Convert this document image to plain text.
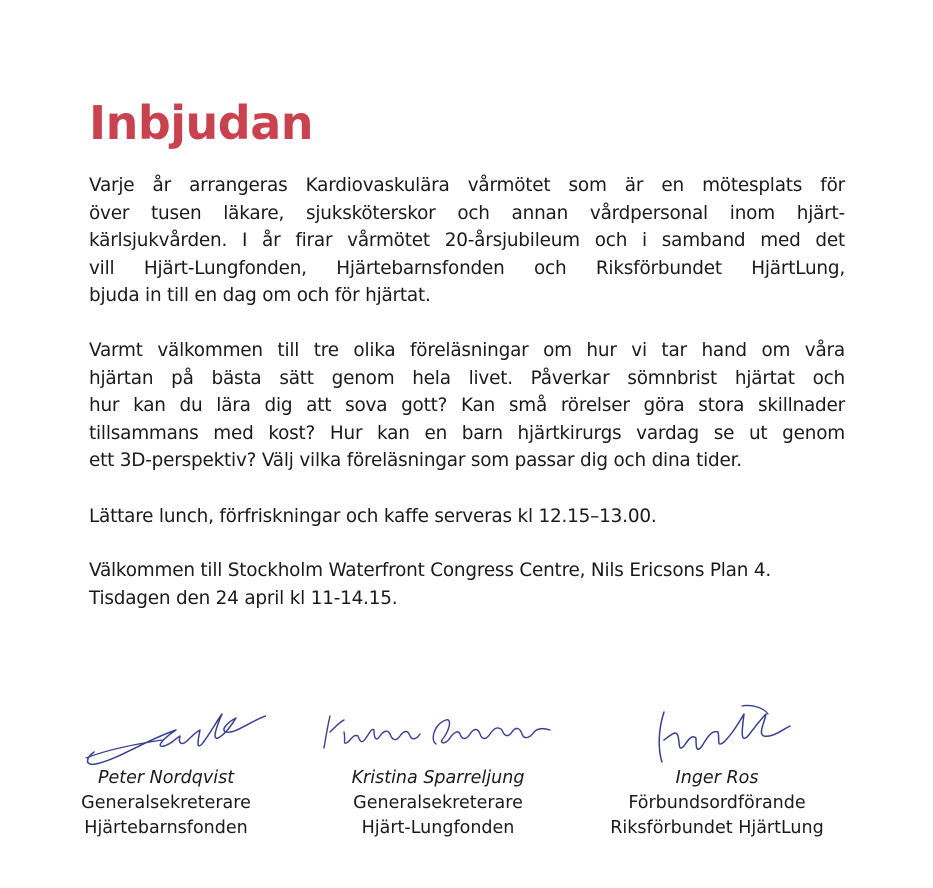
Inbjudan

Varje år arrangeras Kardiovaskulära vårmötet som är en mötesplats för
över tusen läkare, sjuksköterskor och annan vårdpersonal inom hjärt-
kärlsjukvården. I år firar vårmötet 20-årsjubileum och i samband med det
vill Hjärt-Lungfonden, Hjärtebarnsfonden och Riksförbundet HjärtLung,
bjuda in till en dag om och för hjärtat.

Varmt välkommen till tre olika föreläsningar om hur vi tar hand om våra
hjärtan på bästa sätt genom hela livet. Påverkar sömnbrist hjärtat och
hur kan du lära dig att sova gott? Kan små rörelser göra stora skillnader
tillsammans med kost? Hur kan en barn hjärtkirurgs vardag se ut genom
ett 3D-perspektiv? Välj vilka föreläsningar som passar dig och dina tider.

Lättare lunch, förfriskningar och kaffe serveras kl 12.15–13.00.

Välkommen till Stockholm Waterfront Congress Centre, Nils Ericsons Plan 4.
Tisdagen den 24 april kl 11-14.15.

Peter Nordqvist
Generalsekreterare
Hjärtebarnsfonden
Kristina Sparreljung
Generalsekreterare
Hjärt-Lungfonden
Inger Ros
Förbundsordförande
Riksförbundet HjärtLung
